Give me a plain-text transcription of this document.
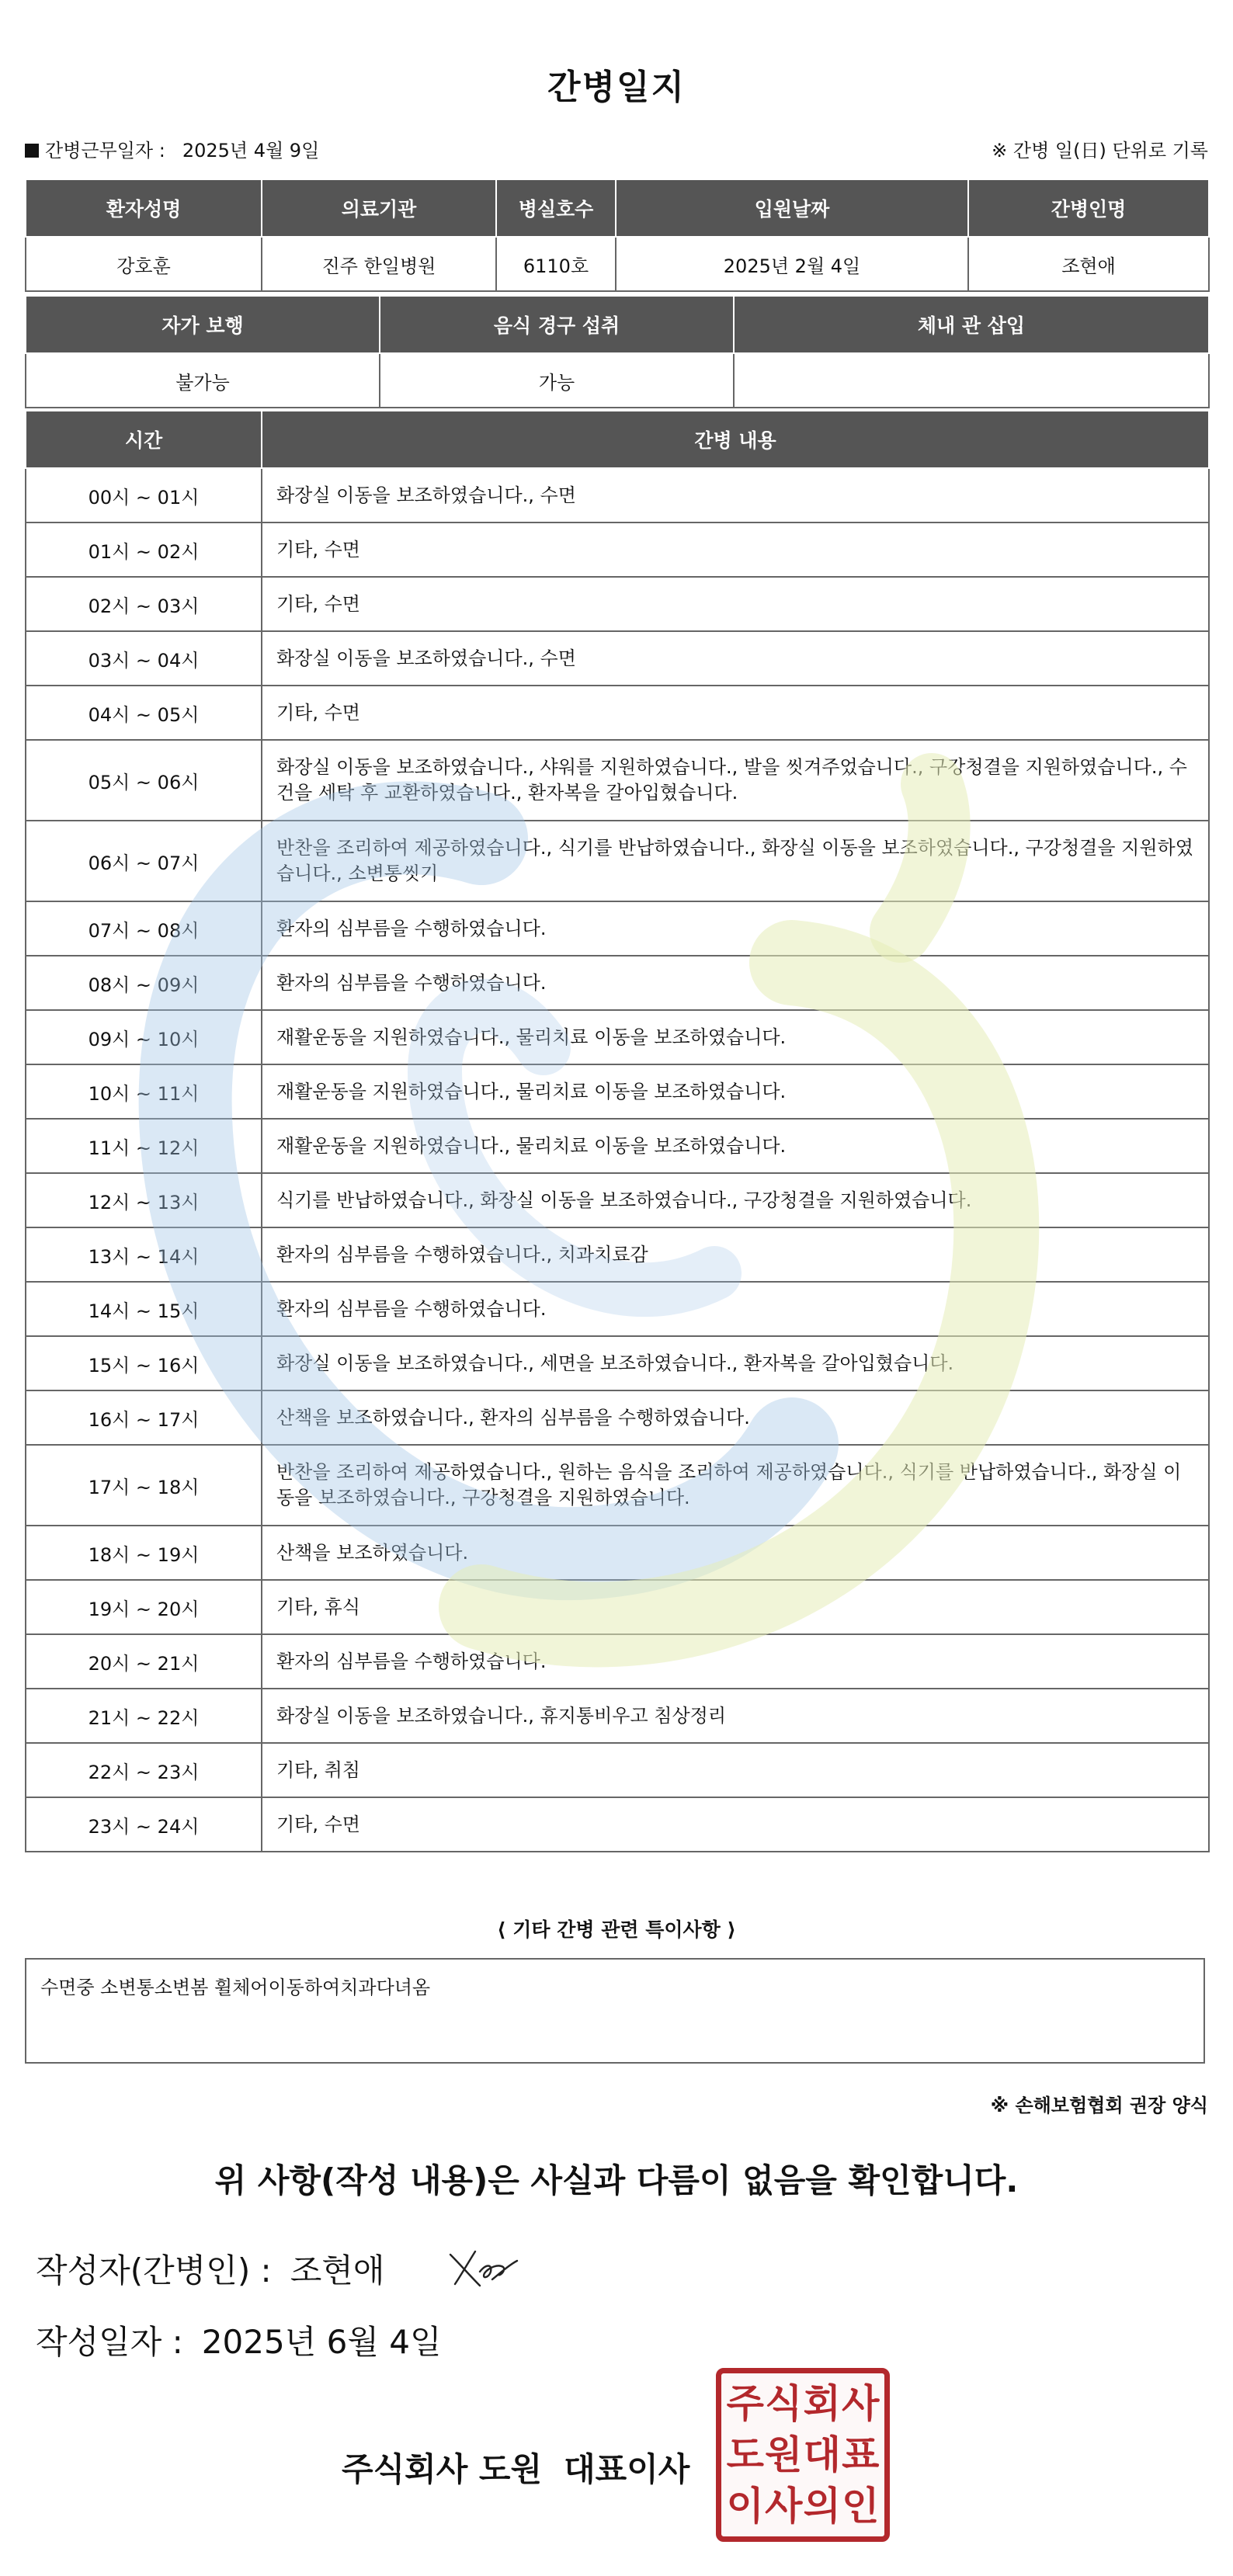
간병일지
간병근무일자 : 2025년 4월 9일	※ 간병 일(日) 단위로 기록
환자성명	의료기관	병실호수	입원날짜	간병인명
강호훈	진주 한일병원	6110호	2025년 2월 4일	조현애
자가 보행	음식 경구 섭취	체내 관 삽입
불가능	가능	
시간	간병 내용
00시 ~ 01시	화장실 이동을 보조하였습니다., 수면
01시 ~ 02시	기타, 수면
02시 ~ 03시	기타, 수면
03시 ~ 04시	화장실 이동을 보조하였습니다., 수면
04시 ~ 05시	기타, 수면
05시 ~ 06시	화장실 이동을 보조하였습니다., 샤워를 지원하였습니다., 발을 씻겨주었습니다., 구강청결을 지원하였습니다., 수건을 세탁 후 교환하였습니다., 환자복을 갈아입혔습니다.
06시 ~ 07시	반찬을 조리하여 제공하였습니다., 식기를 반납하였습니다., 화장실 이동을 보조하였습니다., 구강청결을 지원하였습니다., 소변통씻기
07시 ~ 08시	환자의 심부름을 수행하였습니다.
08시 ~ 09시	환자의 심부름을 수행하였습니다.
09시 ~ 10시	재활운동을 지원하였습니다., 물리치료 이동을 보조하였습니다.
10시 ~ 11시	재활운동을 지원하였습니다., 물리치료 이동을 보조하였습니다.
11시 ~ 12시	재활운동을 지원하였습니다., 물리치료 이동을 보조하였습니다.
12시 ~ 13시	식기를 반납하였습니다., 화장실 이동을 보조하였습니다., 구강청결을 지원하였습니다.
13시 ~ 14시	환자의 심부름을 수행하였습니다., 치과치료감
14시 ~ 15시	환자의 심부름을 수행하였습니다.
15시 ~ 16시	화장실 이동을 보조하였습니다., 세면을 보조하였습니다., 환자복을 갈아입혔습니다.
16시 ~ 17시	산책을 보조하였습니다., 환자의 심부름을 수행하였습니다.
17시 ~ 18시	반찬을 조리하여 제공하였습니다., 원하는 음식을 조리하여 제공하였습니다., 식기를 반납하였습니다., 화장실 이동을 보조하였습니다., 구강청결을 지원하였습니다.
18시 ~ 19시	산책을 보조하였습니다.
19시 ~ 20시	기타, 휴식
20시 ~ 21시	환자의 심부름을 수행하였습니다.
21시 ~ 22시	화장실 이동을 보조하였습니다., 휴지통비우고 침상정리
22시 ~ 23시	기타, 취침
23시 ~ 24시	기타, 수면
⟨ 기타 간병 관련 특이사항 ⟩
수면중 소변통소변봄 휠체어이동하여치과다녀옴
※ 손해보험협회 권장 양식
위 사항(작성 내용)은 사실과 다름이 없음을 확인합니다.
작성자(간병인) : 조현애
작성일자 : 2025년 6월 4일
주식회사 도원 대표이사
주 식 회 사
도 원 대 표
이 사 의 인
